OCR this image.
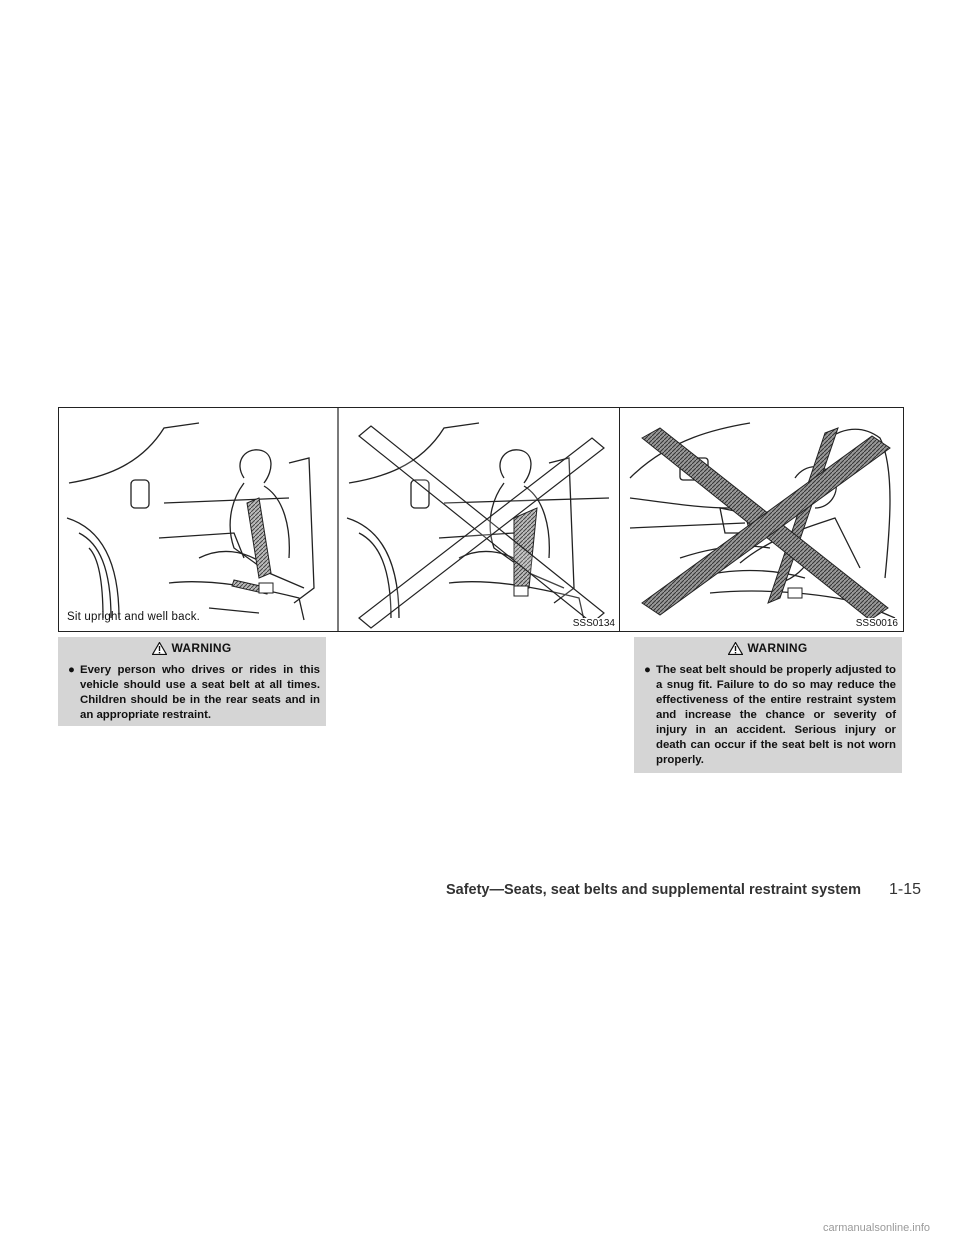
Sit upright and well back.
SSS0134	SSS0016
WARNING
● Every person who drives or rides in this vehicle should use a seat belt at all times. Children should be in the rear seats and in an appropriate restraint.
WARNING
● The seat belt should be properly adjusted to a snug fit. Failure to do so may reduce the effectiveness of the entire restraint system and increase the chance or severity of injury in an accident. Serious injury or death can occur if the seat belt is not worn properly.
Safety—Seats, seat belts and supplemental restraint system 1-15
carmanualsonline.info
